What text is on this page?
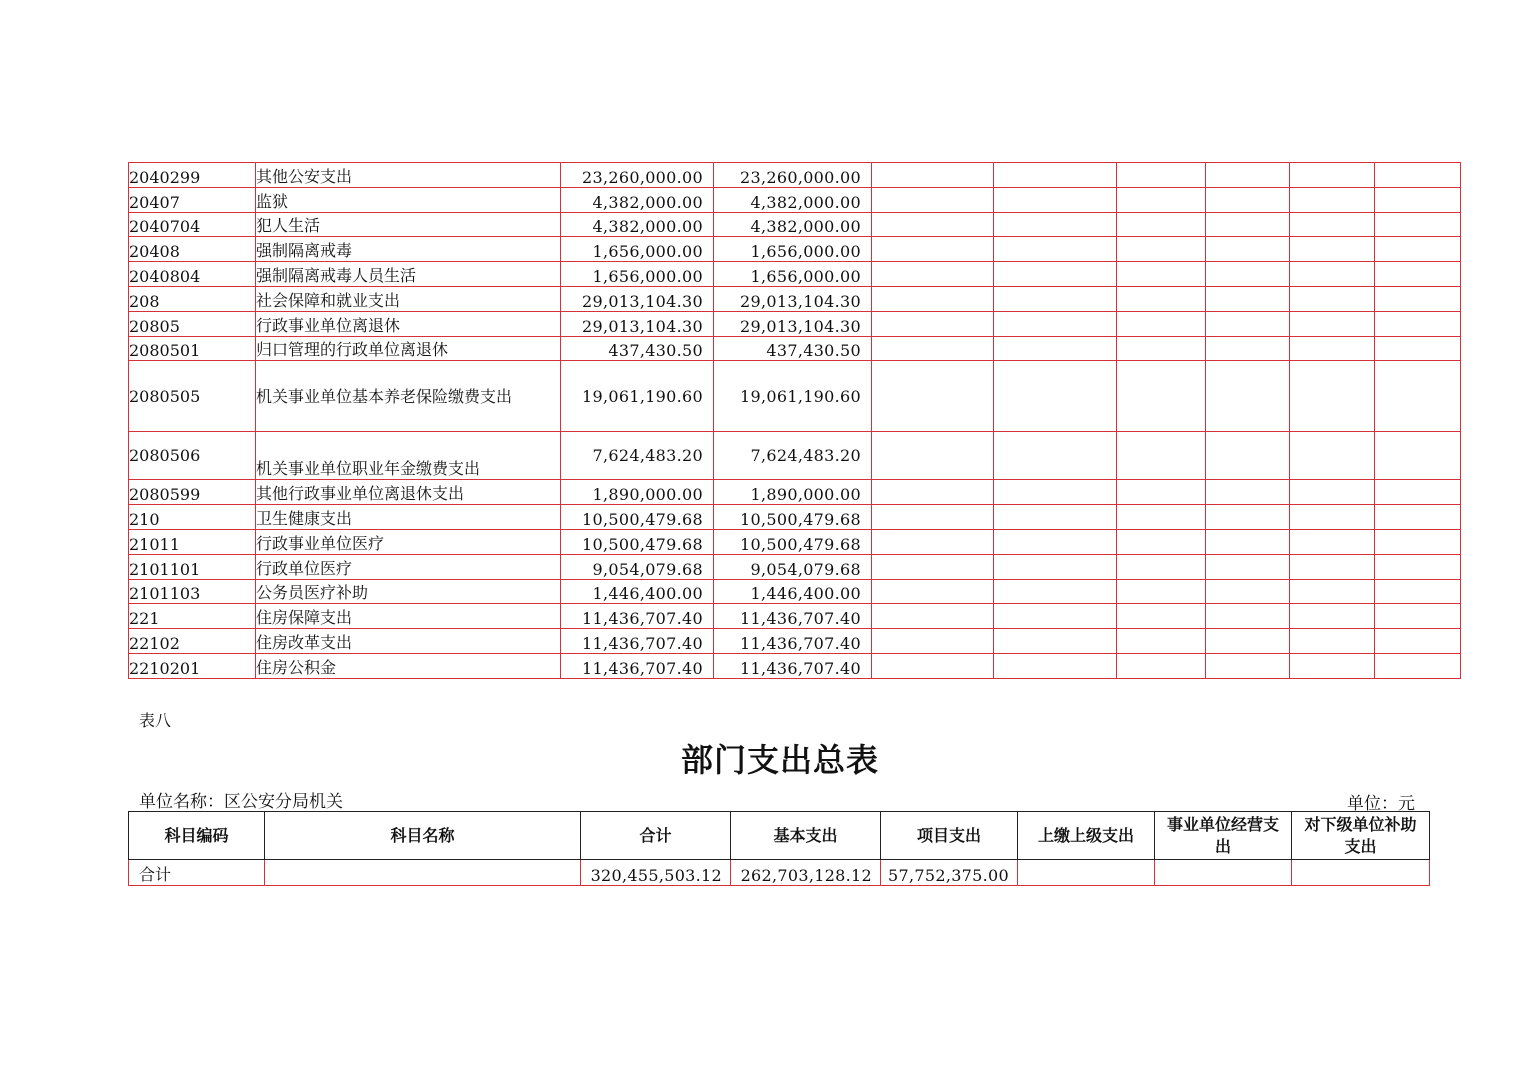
2040299	其他公安支出	23,260,000.00	23,260,000.00						
20407	监狱	4,382,000.00	4,382,000.00						
2040704	犯人生活	4,382,000.00	4,382,000.00						
20408	强制隔离戒毒	1,656,000.00	1,656,000.00						
2040804	强制隔离戒毒人员生活	1,656,000.00	1,656,000.00						
208	社会保障和就业支出	29,013,104.30	29,013,104.30						
20805	行政事业单位离退休	29,013,104.30	29,013,104.30						
2080501	归口管理的行政单位离退休	437,430.50	437,430.50						
2080505	机关事业单位基本养老保险缴费支出	19,061,190.60	19,061,190.60						
2080506	机关事业单位职业年金缴费支出	7,624,483.20	7,624,483.20						
2080599	其他行政事业单位离退休支出	1,890,000.00	1,890,000.00						
210	卫生健康支出	10,500,479.68	10,500,479.68						
21011	行政事业单位医疗	10,500,479.68	10,500,479.68						
2101101	行政单位医疗	9,054,079.68	9,054,079.68						
2101103	公务员医疗补助	1,446,400.00	1,446,400.00						
221	住房保障支出	11,436,707.40	11,436,707.40						
22102	住房改革支出	11,436,707.40	11,436,707.40						
2210201	住房公积金	11,436,707.40	11,436,707.40						
表八
部门支出总表
单位名称：区公安分局机关	单位：元
科目编码	科目名称	合计	基本支出	项目支出	上缴上级支出	事业单位经营支出	对下级单位补助支出
合计		320,455,503.12	262,703,128.12	57,752,375.00			
